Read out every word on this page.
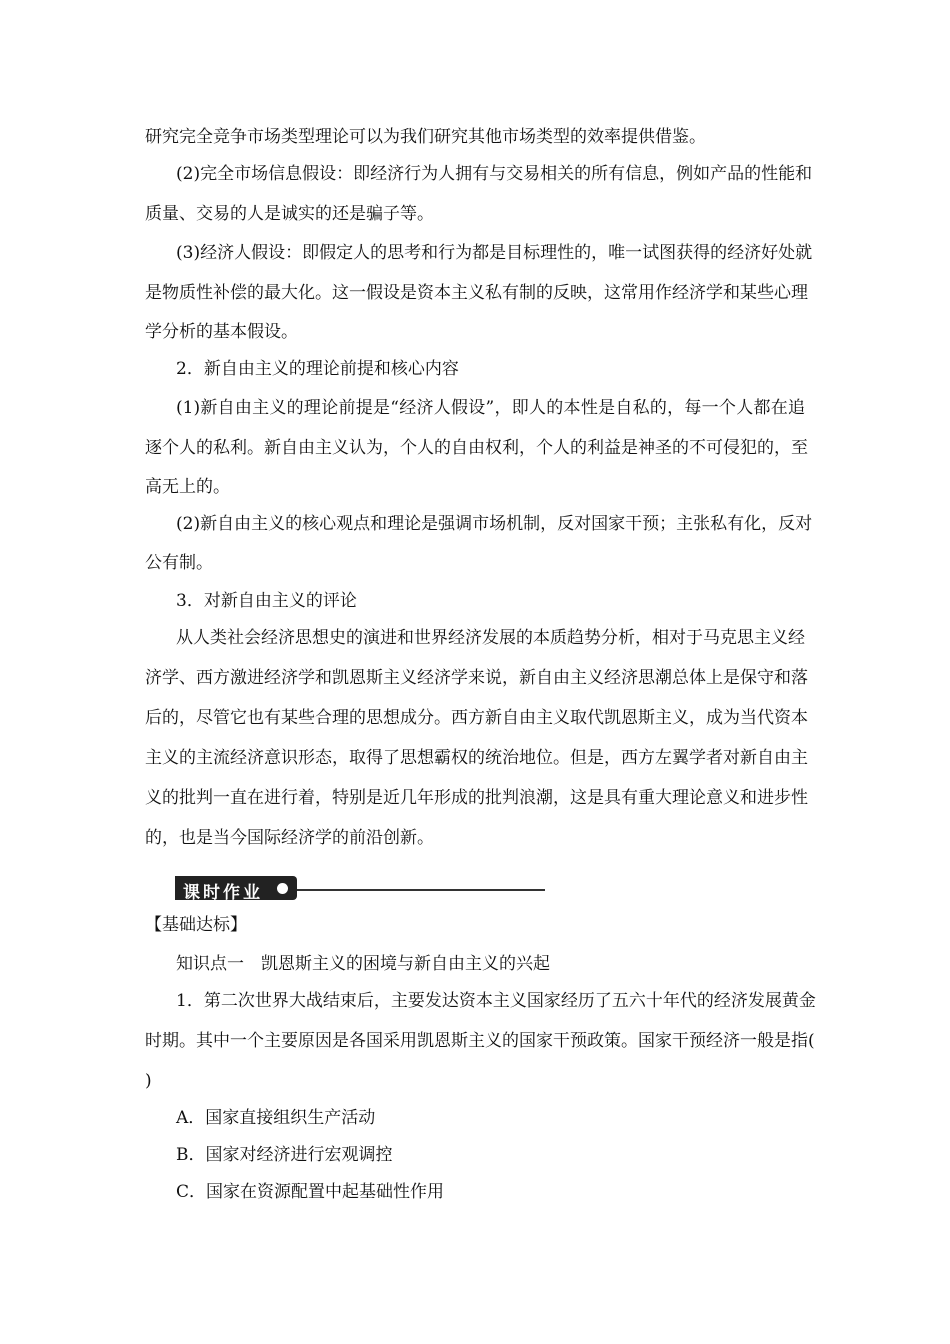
研究完全竞争市场类型理论可以为我们研究其他市场类型的效率提供借鉴。
(2)完全市场信息假设：即经济行为人拥有与交易相关的所有信息，例如产品的性能和
质量、交易的人是诚实的还是骗子等。
(3)经济人假设：即假定人的思考和行为都是目标理性的，唯一试图获得的经济好处就
是物质性补偿的最大化。这一假设是资本主义私有制的反映，这常用作经济学和某些心理
学分析的基本假设。
2．新自由主义的理论前提和核心内容
(1)新自由主义的理论前提是“经济人假设”，即人的本性是自私的，每一个人都在追
逐个人的私利。新自由主义认为，个人的自由权利，个人的利益是神圣的不可侵犯的，至
高无上的。
(2)新自由主义的核心观点和理论是强调市场机制，反对国家干预；主张私有化，反对
公有制。
3．对新自由主义的评论
从人类社会经济思想史的演进和世界经济发展的本质趋势分析，相对于马克思主义经
济学、西方激进经济学和凯恩斯主义经济学来说，新自由主义经济思潮总体上是保守和落
后的，尽管它也有某些合理的思想成分。西方新自由主义取代凯恩斯主义，成为当代资本
主义的主流经济意识形态，取得了思想霸权的统治地位。但是，西方左翼学者对新自由主
义的批判一直在进行着，特别是近几年形成的批判浪潮，这是具有重大理论意义和进步性
的，也是当今国际经济学的前沿创新。
课时作业
【基础达标】
知识点一　凯恩斯主义的困境与新自由主义的兴起
1．第二次世界大战结束后，主要发达资本主义国家经历了五六十年代的经济发展黄金
时期。其中一个主要原因是各国采用凯恩斯主义的国家干预政策。国家干预经济一般是指(
)
A．国家直接组织生产活动
B．国家对经济进行宏观调控
C．国家在资源配置中起基础性作用
